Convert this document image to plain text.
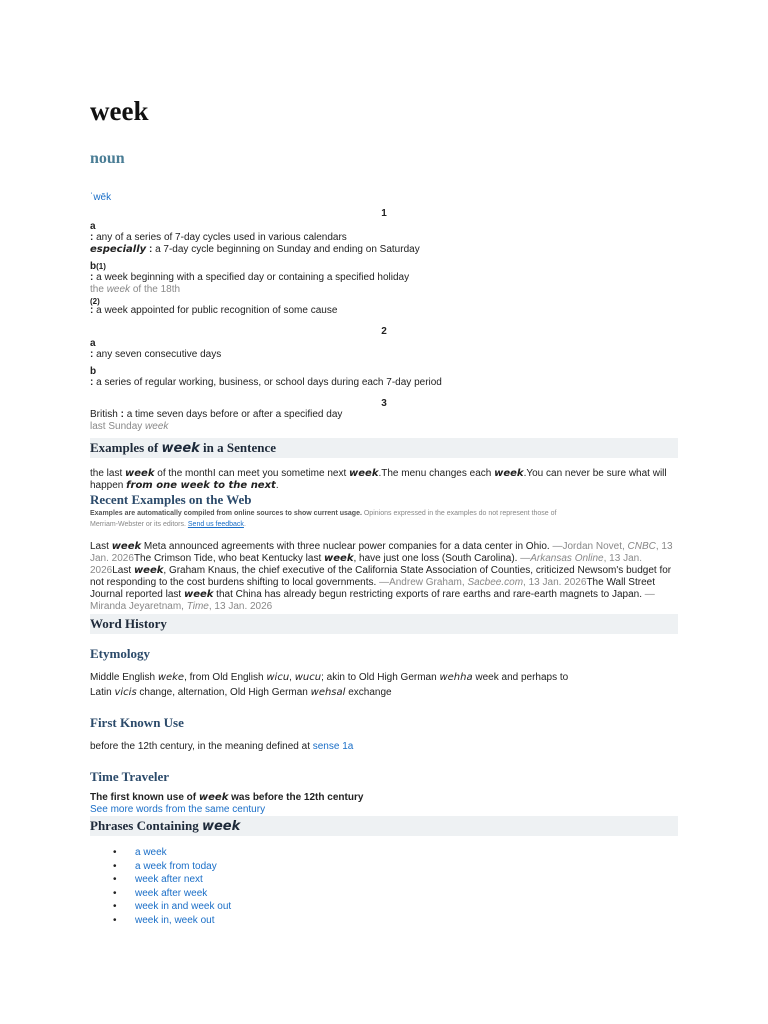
week
noun
ˈwēk
1
a
: any of a series of 7-day cycles used in various calendars
especially : a 7-day cycle beginning on Sunday and ending on Saturday
b(1)
: a week beginning with a specified day or containing a specified holiday
the week of the 18th
(2)
: a week appointed for public recognition of some cause
2
a
: any seven consecutive days
b
: a series of regular working, business, or school days during each 7-day period
3
British : a time seven days before or after a specified day
last Sunday week
Examples of week in a Sentence
the last week of the monthI can meet you sometime next week.The menu changes each week.You can never be sure what will
happen from one week to the next.
Recent Examples on the Web
Examples are automatically compiled from online sources to show current usage. Opinions expressed in the examples do not represent those of
Merriam-Webster or its editors. Send us feedback.
Last week Meta announced agreements with three nuclear power companies for a data center in Ohio. —Jordan Novet, CNBC, 13
Jan. 2026The Crimson Tide, who beat Kentucky last week, have just one loss (South Carolina). —Arkansas Online, 13 Jan.
2026Last week, Graham Knaus, the chief executive of the California State Association of Counties, criticized Newsom's budget for
not responding to the cost burdens shifting to local governments. —Andrew Graham, Sacbee.com, 13 Jan. 2026The Wall Street
Journal reported last week that China has already begun restricting exports of rare earths and rare-earth magnets to Japan. —
Miranda Jeyaretnam, Time, 13 Jan. 2026
Word History
Etymology
Middle English weke, from Old English wicu, wucu; akin to Old High German wehha week and perhaps to
Latin vicis change, alternation, Old High German wehsal exchange
First Known Use
before the 12th century, in the meaning defined at sense 1a
Time Traveler
The first known use of week was before the 12th century
See more words from the same century
Phrases Containing week
• a week
• a week from today
• week after next
• week after week
• week in and week out
• week in, week out
